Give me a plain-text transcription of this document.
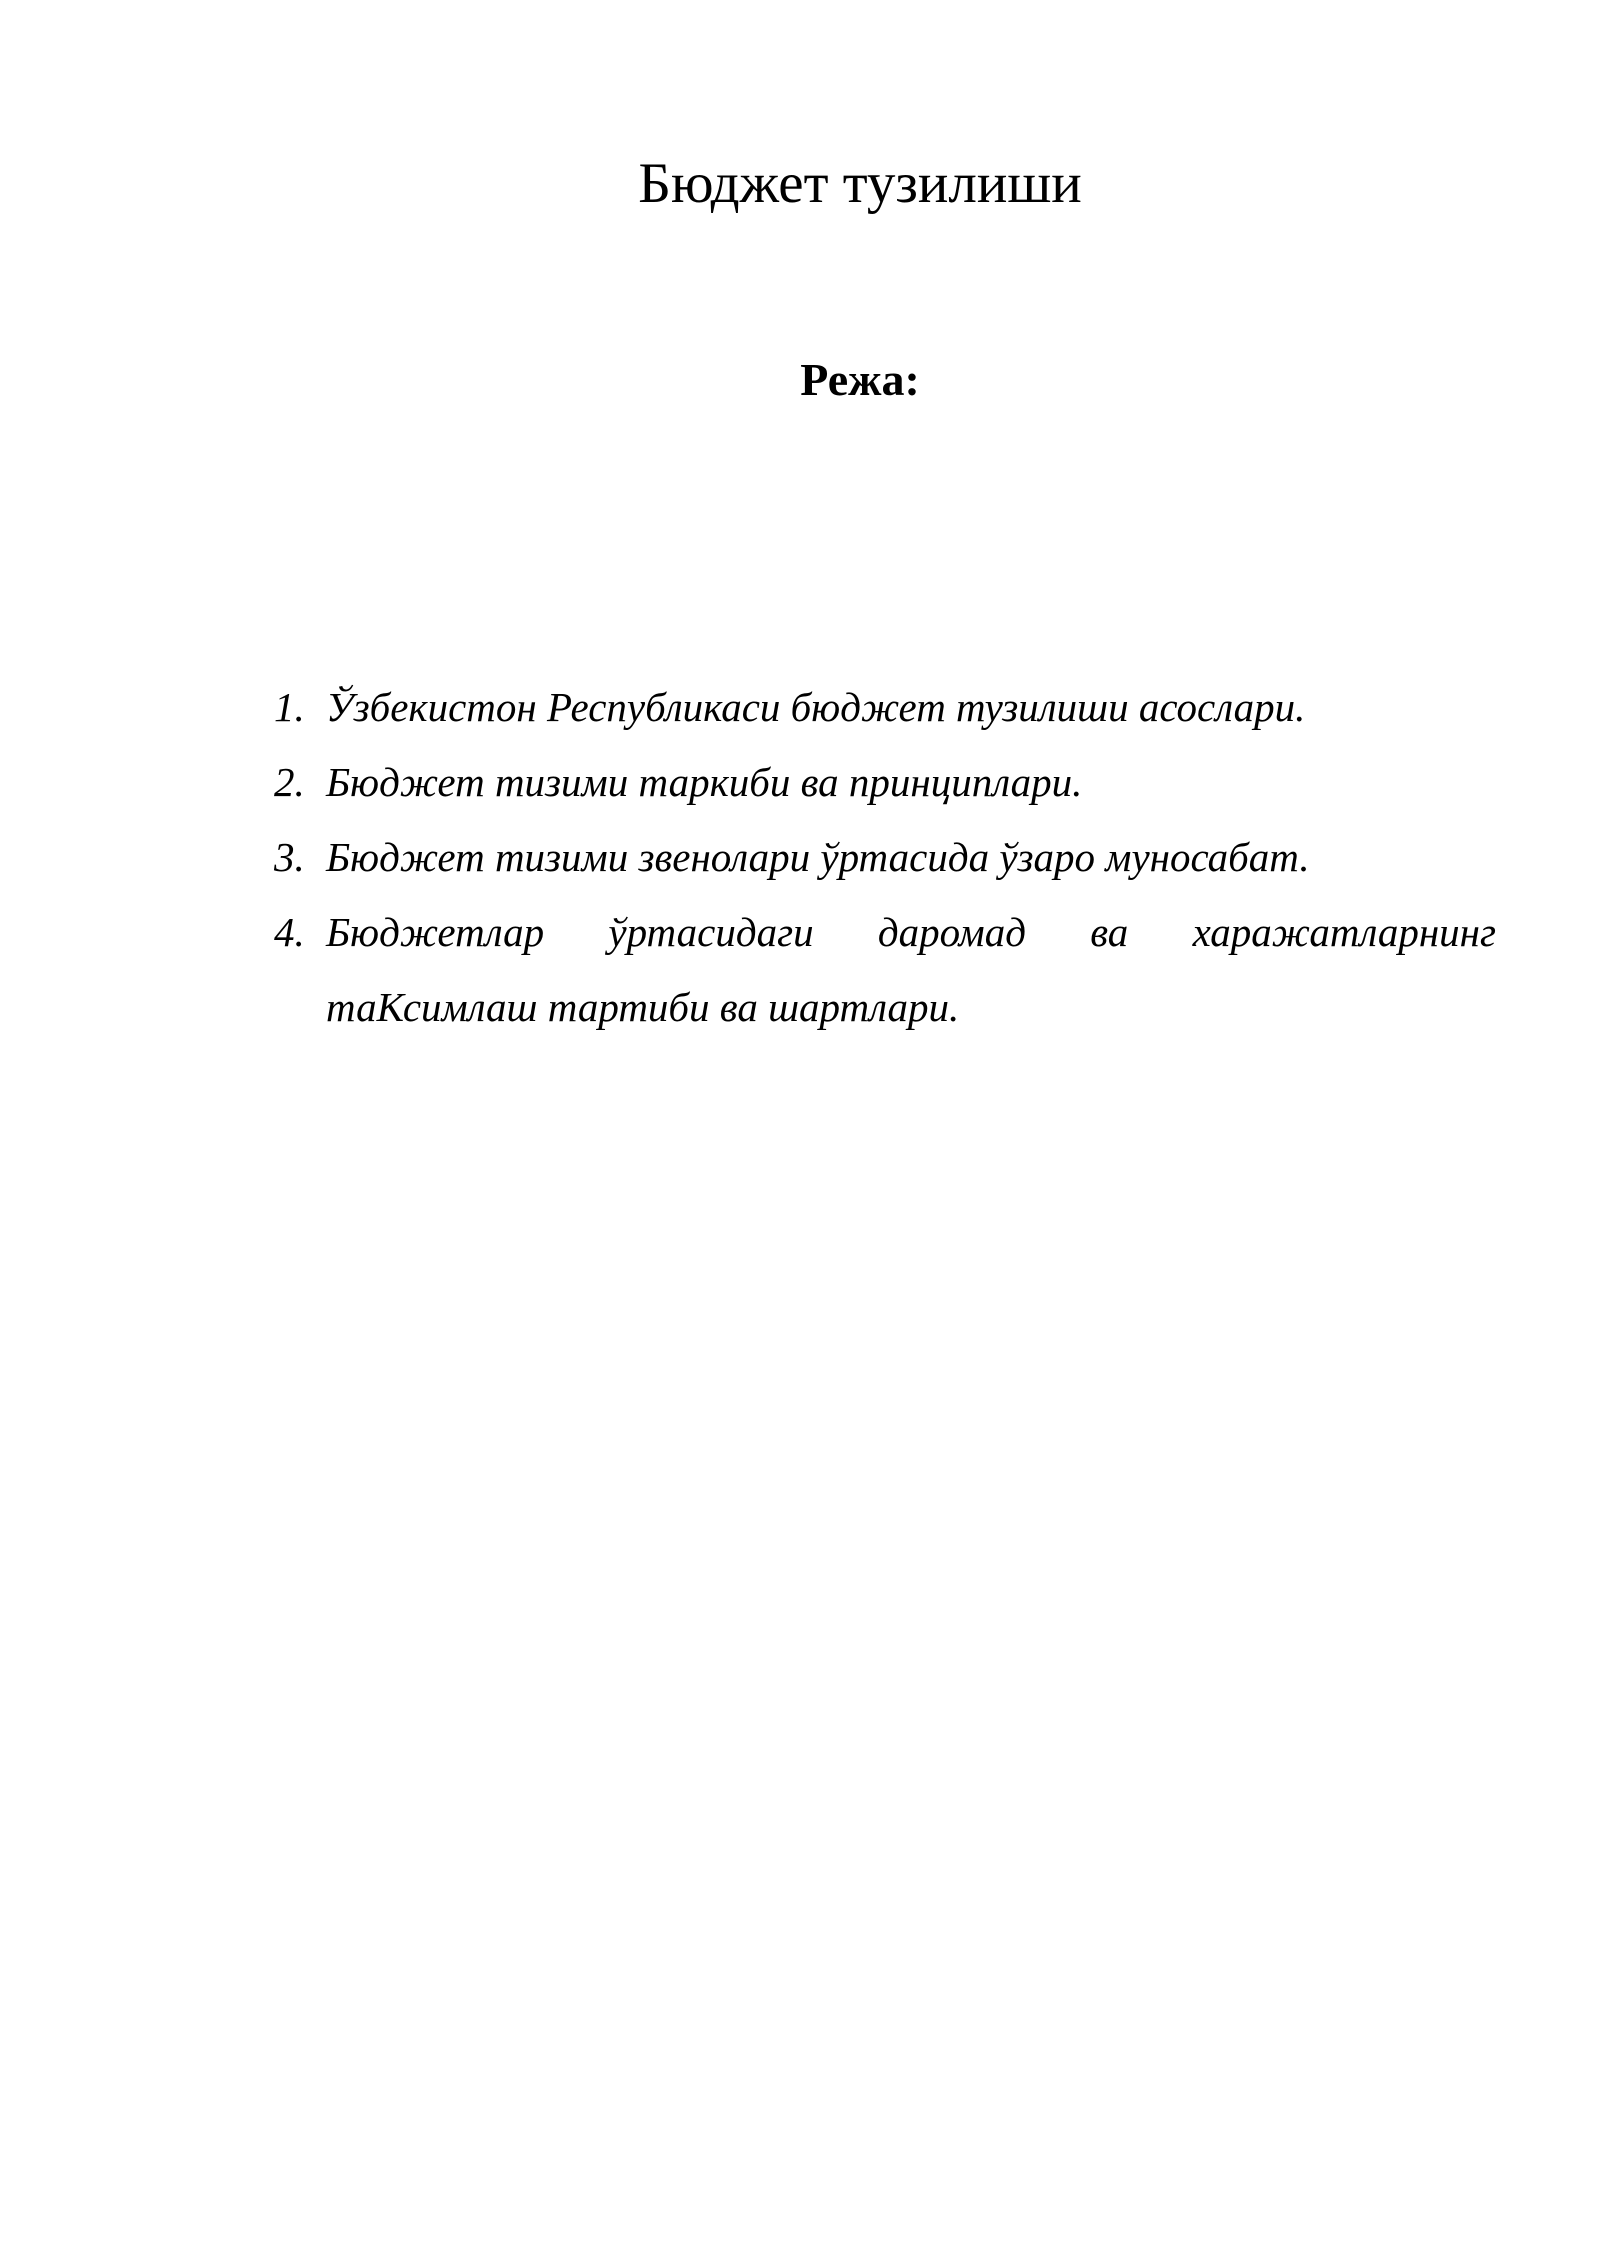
Бюджет тузилиши
Режа:
1. Ўзбекистон Республикаси бюджет тузилиши асослари.
2. Бюджет тизими таркиби ва принциплари.
3. Бюджет тизими звенолари ўртасида ўзаро муносабат.
4. Бюджетлар ўртасидаги даромад ва харажатларнинг таКсимлаш тартиби ва шартлари.
